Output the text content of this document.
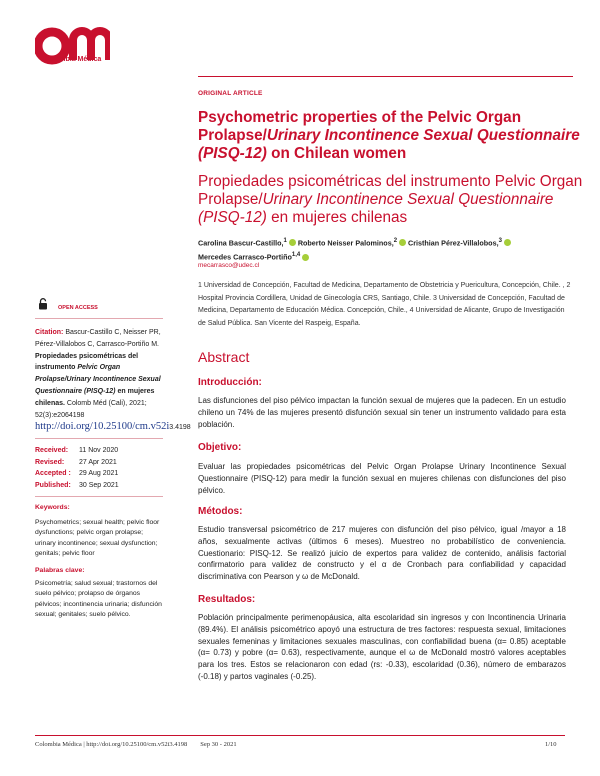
Colombia Médica
ORIGINAL ARTICLE
Psychometric properties of the Pelvic Organ Prolapse/Urinary Incontinence Sexual Questionnaire (PISQ-12) on Chilean women
Propiedades psicométricas del instrumento Pelvic Organ Prolapse/Urinary Incontinence Sexual Questionnaire (PISQ-12) en mujeres chilenas
Carolina Bascur-Castillo,$^1$ Roberto Neisser Palominos,$^2$ Cristhian Pérez-Villalobos,$^3$
Mercedes Carrasco-Portiño$^{1,4}$
mecarrasco@udec.cl
1 Universidad de Concepción, Facultad de Medicina, Departamento de Obstetricia y Puericultura, Concepción, Chile. , 2 Hospital Provincia Cordillera, Unidad de Ginecología CRS, Santiago, Chile. 3 Universidad de Concepción, Facultad de Medicina, Departamento de Educación Médica. Concepción, Chile., 4 Universidad de Alicante, Grupo de Investigación de Salud Pública. San Vicente del Raspeig, España.
Abstract
Introducción:
Las disfunciones del piso pélvico impactan la función sexual de mujeres que la padecen. En un estudio chileno un 74% de las mujeres presentó disfunción sexual sin tener un instrumento validado para esta población.
Objetivo:
Evaluar las propiedades psicométricas del Pelvic Organ Prolapse Urinary Incontinence Sexual Questionnaire (PISQ-12) para medir la función sexual en mujeres chilenas con disfunciones del piso pélvico.
Métodos:
Estudio transversal psicométrico de 217 mujeres con disfunción del piso pélvico, igual /mayor a 18 años, sexualmente activas (últimos 6 meses). Muestreo no probabilístico de conveniencia. Cuestionario: PISQ-12. Se realizó juicio de expertos para validez de contenido, análisis factorial confirmatorio para validez de constructo y el α de Cronbach para confiabilidad y capacidad discriminativa con Pearson y ω de McDonald.
Resultados:
Población principalmente perimenopáusica, alta escolaridad sin ingresos y con Incontinencia Urinaria (89.4%). El análisis psicométrico apoyó una estructura de tres factores: respuesta sexual, limitaciones sexuales femeninas y limitaciones sexuales masculinas, con confiabilidad buena (α= 0.85) aceptable (α= 0.73) y pobre (α= 0.63), respectivamente, aunque el ω de McDonald mostró valores aceptables para los tres. Estos se relacionaron con edad (rs: -0.33), escolaridad (0.36), número de embarazos (-0.18) y partos vaginales (-0.25).
OPEN ACCESS
Citation: Bascur-Castillo C, Neisser PR, Pérez-Villalobos C, Carrasco-Portiño M. Propiedades psicométricas del instrumento Pelvic Organ Prolapse/Urinary Incontinence Sexual Questionnaire (PISQ-12) en mujeres chilenas. Colomb Méd (Cali), 2021; 52(3):e2064198 http://doi.org/10.25100/cm.v52i3.4198
Received: 11 Nov 2020
Revised: 27 Apr 2021
Accepted : 29 Aug 2021
Published: 30 Sep 2021
Keywords:
Psychometrics; sexual health; pelvic floor dysfunctions; pelvic organ prolapse; urinary incontinence; sexual dysfunction; genitals; pelvic floor
Palabras clave:
Psicometría; salud sexual; trastornos del suelo pélvico; prolapso de órganos pélvicos; incontinencia urinaria; disfunción sexual; genitales; suelo pélvico.
Colombia Médica | http://doi.org/10.25100/cm.v52i3.4198        Sep 30 - 2021	1/10
